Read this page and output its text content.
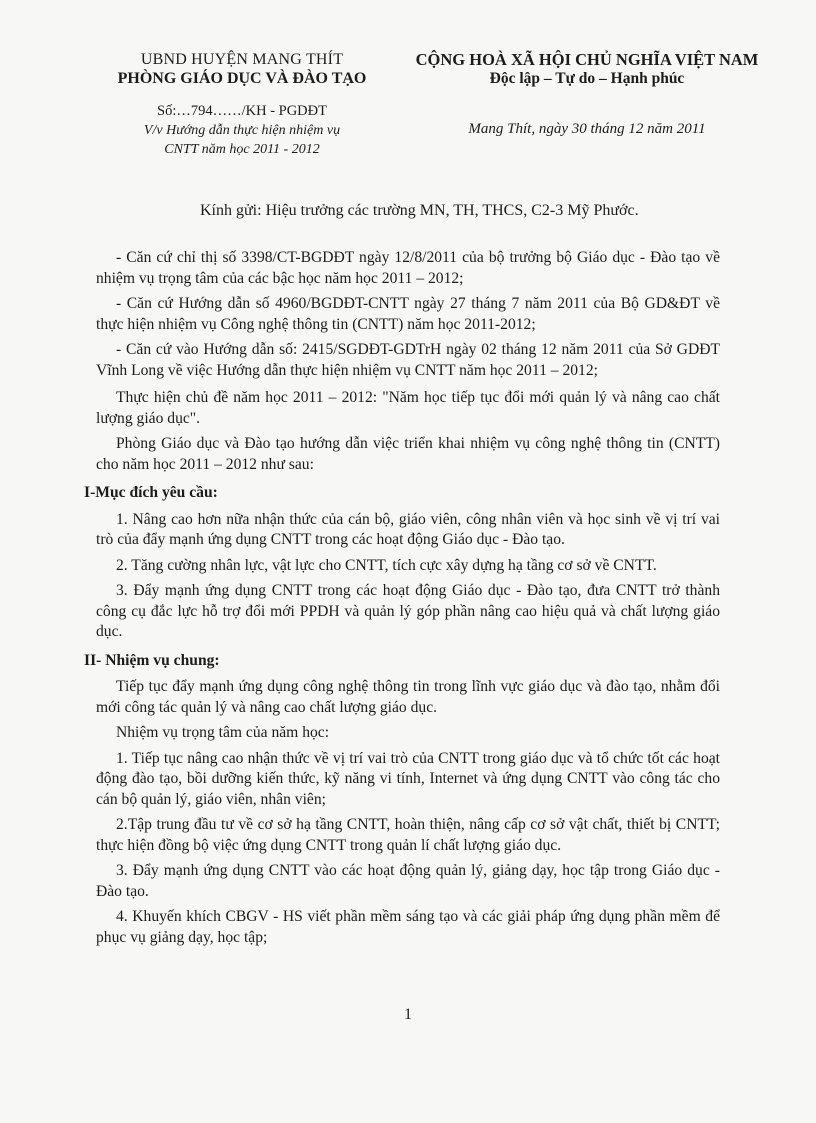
UBND HUYỆN MANG THÍT
PHÒNG GIÁO DỤC VÀ ĐÀO TẠO
Số:…794……/KH - PGDĐT
V/v Hướng dẫn thực hiện nhiệm vụ
CNTT năm học 2011 - 2012
CỘNG HOÀ XÃ HỘI CHỦ NGHĨA VIỆT NAM
Độc lập – Tự do – Hạnh phúc
Mang Thít, ngày 30 tháng 12 năm 2011
Kính gửi: Hiệu trưởng các trường MN, TH, THCS, C2-3 Mỹ Phước.

- Căn cứ chỉ thị số 3398/CT-BGDĐT ngày 12/8/2011 của bộ trưởng bộ Giáo dục - Đào tạo về nhiệm vụ trọng tâm của các bậc học năm học 2011 – 2012;

- Căn cứ Hướng dẫn số 4960/BGDĐT-CNTT ngày 27 tháng 7 năm 2011 của Bộ GD&ĐT về thực hiện nhiệm vụ Công nghệ thông tin (CNTT) năm học 2011-2012;

- Căn cứ vào Hướng dẫn số: 2415/SGDĐT-GDTrH ngày 02 tháng 12 năm 2011 của Sở GDĐT Vĩnh Long về việc Hướng dẫn thực hiện nhiệm vụ CNTT năm học 2011 – 2012;

Thực hiện chủ đề năm học 2011 – 2012: "Năm học tiếp tục đổi mới quản lý và nâng cao chất lượng giáo dục".

Phòng Giáo dục và Đào tạo hướng dẫn việc triển khai nhiệm vụ công nghệ thông tin (CNTT) cho năm học 2011 – 2012 như sau:

I-Mục đích yêu cầu:

1. Nâng cao hơn nữa nhận thức của cán bộ, giáo viên, công nhân viên và học sinh về vị trí vai trò của đẩy mạnh ứng dụng CNTT trong các hoạt động Giáo dục - Đào tạo.

2. Tăng cường nhân lực, vật lực cho CNTT, tích cực xây dựng hạ tầng cơ sở về CNTT.

3. Đẩy mạnh ứng dụng CNTT trong các hoạt động Giáo dục - Đào tạo, đưa CNTT trở thành công cụ đắc lực hỗ trợ đổi mới PPDH và quản lý góp phần nâng cao hiệu quả và chất lượng giáo dục.

II- Nhiệm vụ chung:

Tiếp tục đẩy mạnh ứng dụng công nghệ thông tin trong lĩnh vực giáo dục và đào tạo, nhằm đổi mới công tác quản lý và nâng cao chất lượng giáo dục.

Nhiệm vụ trọng tâm của năm học:

1. Tiếp tục nâng cao nhận thức về vị trí vai trò của CNTT trong giáo dục và tổ chức tốt các hoạt động đào tạo, bồi dưỡng kiến thức, kỹ năng vi tính, Internet và ứng dụng CNTT vào công tác cho cán bộ quản lý, giáo viên, nhân viên;

2.Tập trung đầu tư về cơ sở hạ tầng CNTT, hoàn thiện, nâng cấp cơ sở vật chất, thiết bị CNTT; thực hiện đồng bộ việc ứng dụng CNTT trong quản lí chất lượng giáo dục.

3. Đẩy mạnh ứng dụng CNTT vào các hoạt động quản lý, giảng dạy, học tập trong Giáo dục - Đào tạo.

4. Khuyến khích CBGV - HS viết phần mềm sáng tạo và các giải pháp ứng dụng phần mềm để phục vụ giảng dạy, học tập;

1
